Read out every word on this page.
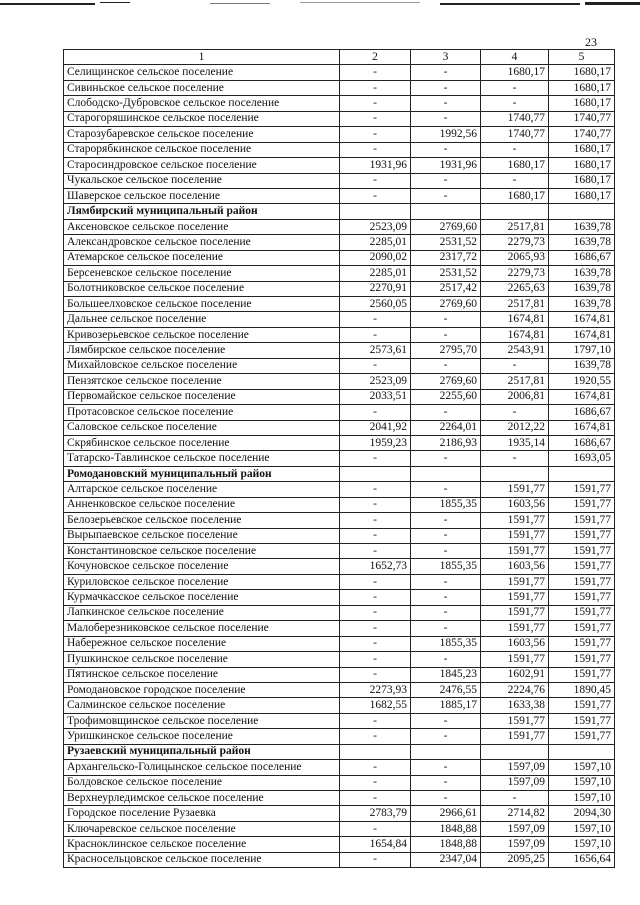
23
1	2	3	4	5
Селищинское сельское поселение	-	-	1680,17	1680,17
Сивиньское сельское поселение	-	-	-	1680,17
Слободско-Дубровское сельское поселение	-	-	-	1680,17
Старогоряшинское сельское поселение	-	-	1740,77	1740,77
Старозубаревское сельское поселение	-	1992,56	1740,77	1740,77
Старорябкинское сельское поселение	-	-	-	1680,17
Старосиндровское сельское поселение	1931,96	1931,96	1680,17	1680,17
Чукальское сельское поселение	-	-	-	1680,17
Шаверское сельское поселение	-	-	1680,17	1680,17
Лямбирский муниципальный район				
Аксеновское сельское поселение	2523,09	2769,60	2517,81	1639,78
Александровское сельское поселение	2285,01	2531,52	2279,73	1639,78
Атемарское сельское поселение	2090,02	2317,72	2065,93	1686,67
Берсеневское сельское поселение	2285,01	2531,52	2279,73	1639,78
Болотниковское сельское поселение	2270,91	2517,42	2265,63	1639,78
Большеелховское сельское поселение	2560,05	2769,60	2517,81	1639,78
Дальнее сельское поселение	-	-	1674,81	1674,81
Кривозерьевское сельское поселение	-	-	1674,81	1674,81
Лямбирское сельское поселение	2573,61	2795,70	2543,91	1797,10
Михайловское сельское поселение	-	-	-	1639,78
Пензятское сельское поселение	2523,09	2769,60	2517,81	1920,55
Первомайское сельское поселение	2033,51	2255,60	2006,81	1674,81
Протасовское сельское поселение	-	-	-	1686,67
Саловское сельское поселение	2041,92	2264,01	2012,22	1674,81
Скрябинское сельское поселение	1959,23	2186,93	1935,14	1686,67
Татарско-Тавлинское сельское поселение	-	-	-	1693,05
Ромодановский муниципальный район				
Алтарское сельское поселение	-	-	1591,77	1591,77
Анненковское сельское поселение	-	1855,35	1603,56	1591,77
Белозерьевское сельское поселение	-	-	1591,77	1591,77
Вырыпаевское сельское поселение	-	-	1591,77	1591,77
Константиновское сельское поселение	-	-	1591,77	1591,77
Кочуновское сельское поселение	1652,73	1855,35	1603,56	1591,77
Куриловское сельское поселение	-	-	1591,77	1591,77
Курмачкасское сельское поселение	-	-	1591,77	1591,77
Лапкинское сельское поселение	-	-	1591,77	1591,77
Малоберезниковское сельское поселение	-	-	1591,77	1591,77
Набережное сельское поселение	-	1855,35	1603,56	1591,77
Пушкинское сельское поселение	-	-	1591,77	1591,77
Пятинское сельское поселение	-	1845,23	1602,91	1591,77
Ромодановское городское поселение	2273,93	2476,55	2224,76	1890,45
Салминское сельское поселение	1682,55	1885,17	1633,38	1591,77
Трофимовщинское сельское поселение	-	-	1591,77	1591,77
Уришкинское сельское поселение	-	-	1591,77	1591,77
Рузаевский муниципальный район				
Архангельско-Голицынское сельское поселение	-	-	1597,09	1597,10
Болдовское сельское поселение	-	-	1597,09	1597,10
Верхнеурледимское сельское поселение	-	-	-	1597,10
Городское поселение Рузаевка	2783,79	2966,61	2714,82	2094,30
Ключаревское сельское поселение	-	1848,88	1597,09	1597,10
Красноклинское сельское поселение	1654,84	1848,88	1597,09	1597,10
Красносельцовское сельское поселение	-	2347,04	2095,25	1656,64
